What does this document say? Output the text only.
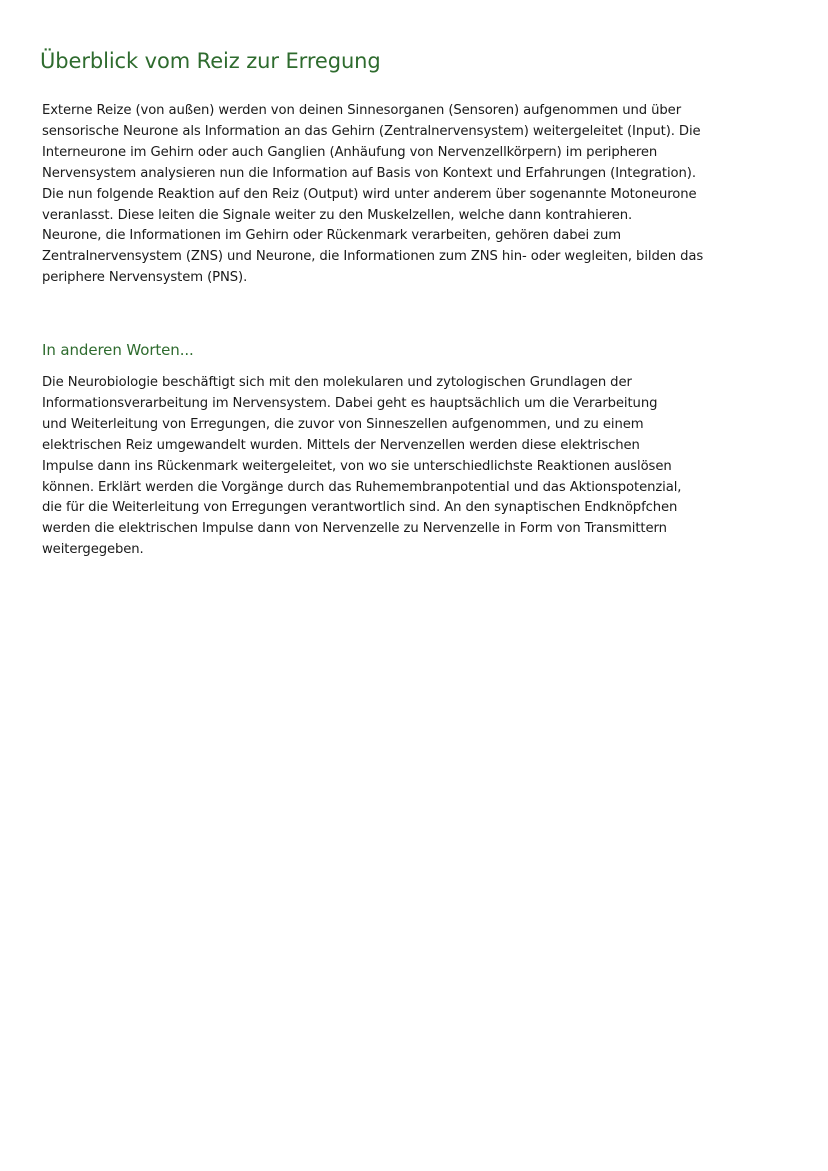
Überblick vom Reiz zur Erregung

Externe Reize (von außen) werden von deinen Sinnesorganen (Sensoren) aufgenommen und über
sensorische Neurone als Information an das Gehirn (Zentralnervensystem) weitergeleitet (Input). Die
Interneurone im Gehirn oder auch Ganglien (Anhäufung von Nervenzellkörpern) im peripheren
Nervensystem analysieren nun die Information auf Basis von Kontext und Erfahrungen (Integration).
Die nun folgende Reaktion auf den Reiz (Output) wird unter anderem über sogenannte Motoneurone
veranlasst. Diese leiten die Signale weiter zu den Muskelzellen, welche dann kontrahieren.
Neurone, die Informationen im Gehirn oder Rückenmark verarbeiten, gehören dabei zum
Zentralnervensystem (ZNS) und Neurone, die Informationen zum ZNS hin- oder wegleiten, bilden das
periphere Nervensystem (PNS).

In anderen Worten...

Die Neurobiologie beschäftigt sich mit den molekularen und zytologischen Grundlagen der
Informationsverarbeitung im Nervensystem. Dabei geht es hauptsächlich um die Verarbeitung
und Weiterleitung von Erregungen, die zuvor von Sinneszellen aufgenommen, und zu einem
elektrischen Reiz umgewandelt wurden. Mittels der Nervenzellen werden diese elektrischen
Impulse dann ins Rückenmark weitergeleitet, von wo sie unterschiedlichste Reaktionen auslösen
können. Erklärt werden die Vorgänge durch das Ruhemembranpotential und das Aktionspotenzial,
die für die Weiterleitung von Erregungen verantwortlich sind. An den synaptischen Endknöpfchen
werden die elektrischen Impulse dann von Nervenzelle zu Nervenzelle in Form von Transmittern
weitergegeben.
